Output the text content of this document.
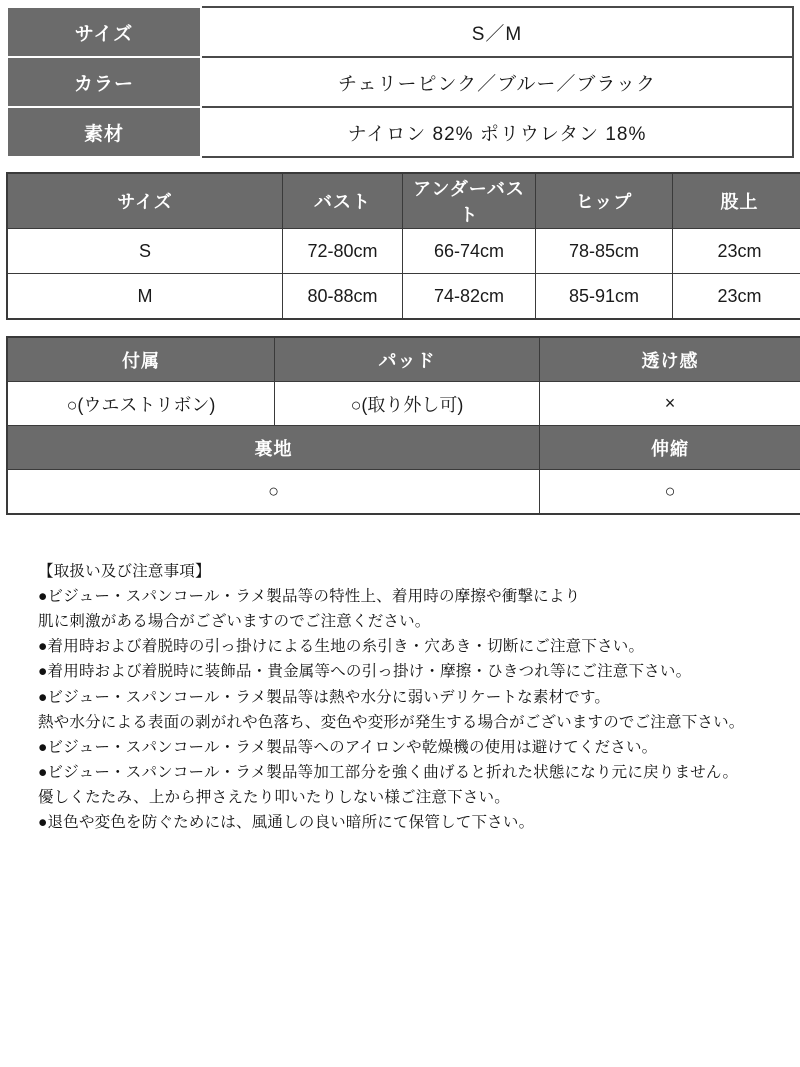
サイズ	S／M
カラー	チェリーピンク／ブルー／ブラック
素材	ナイロン 82% ポリウレタン 18%
サイズ	バスト	アンダーバスト	ヒップ	股上
S	72-80cm	66-74cm	78-85cm	23cm
M	80-88cm	74-82cm	85-91cm	23cm
付属	パッド	透け感
○(ウエストリボン)	○(取り外し可)	×
裏地		伸縮
○		○
【取扱い及び注意事項】
●ビジュー・スパンコール・ラメ製品等の特性上、着用時の摩擦や衝撃により
肌に刺激がある場合がございますのでご注意ください。
●着用時および着脱時の引っ掛けによる生地の糸引き・穴あき・切断にご注意下さい。
●着用時および着脱時に装飾品・貴金属等への引っ掛け・摩擦・ひきつれ等にご注意下さい。
●ビジュー・スパンコール・ラメ製品等は熱や水分に弱いデリケートな素材です。
熱や水分による表面の剥がれや色落ち、変色や変形が発生する場合がございますのでご注意下さい。
●ビジュー・スパンコール・ラメ製品等へのアイロンや乾燥機の使用は避けてください。
●ビジュー・スパンコール・ラメ製品等加工部分を強く曲げると折れた状態になり元に戻りません。
優しくたたみ、上から押さえたり叩いたりしない様ご注意下さい。
●退色や変色を防ぐためには、風通しの良い暗所にて保管して下さい。
